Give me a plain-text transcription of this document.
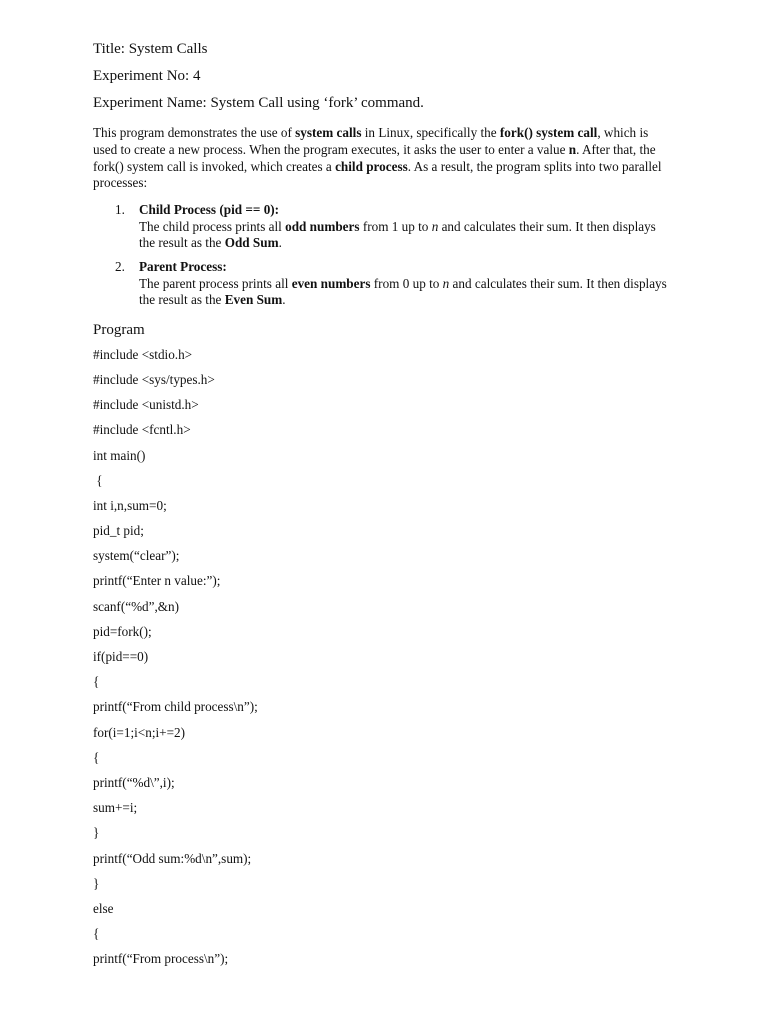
Title: System Calls
Experiment No: 4
Experiment Name: System Call using ‘fork’ command.
This program demonstrates the use of system calls in Linux, specifically the fork() system call, which is used to create a new process. When the program executes, it asks the user to enter a value n. After that, the fork() system call is invoked, which creates a child process. As a result, the program splits into two parallel processes:
1. Child Process (pid == 0):
The child process prints all odd numbers from 1 up to n and calculates their sum. It then displays the result as the Odd Sum.
2. Parent Process:
The parent process prints all even numbers from 0 up to n and calculates their sum. It then displays the result as the Even Sum.
Program
#include <stdio.h>
#include <sys/types.h>
#include <unistd.h>
#include <fcntl.h>
int main()
{
int i,n,sum=0;
pid_t pid;
system(“clear”);
printf(“Enter n value:”);
scanf(“%d”,&n)
pid=fork();
if(pid==0)
{
printf(“From child process\n”);
for(i=1;i<n;i+=2)
{
printf(“%d\”,i);
sum+=i;
}
printf(“Odd sum:%d\n”,sum);
}
else
{
printf(“From process\n”);
